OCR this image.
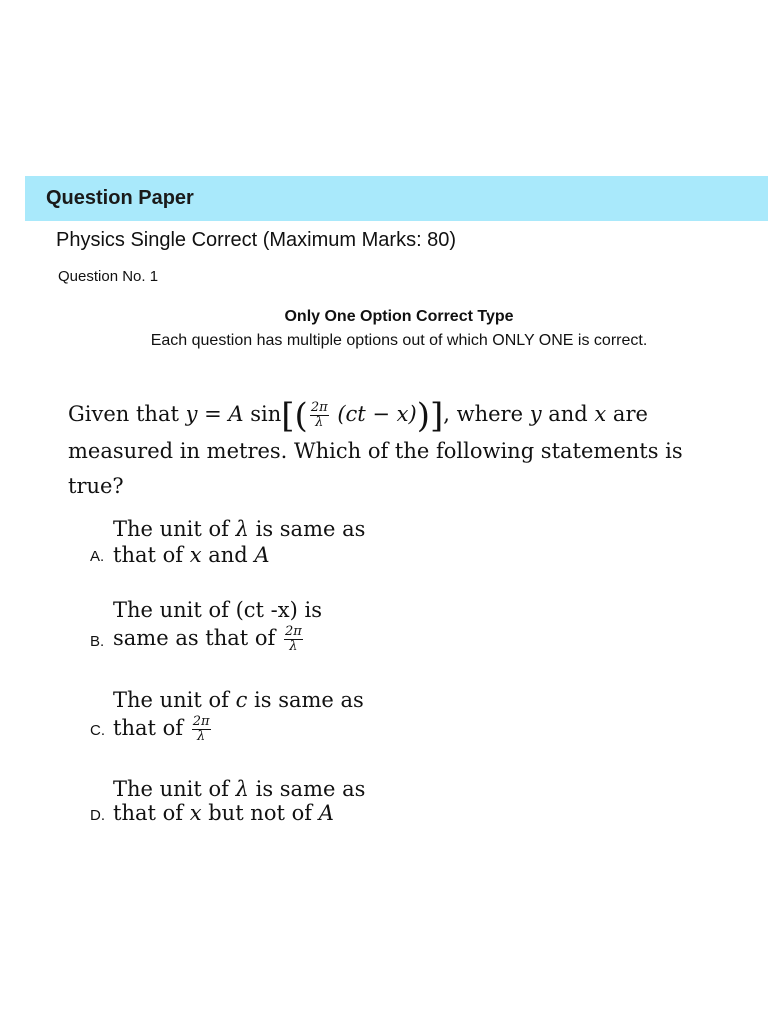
Question Paper
Physics Single Correct (Maximum Marks: 80)
Question No. 1
Only One Option Correct Type
Each question has multiple options out of which ONLY ONE is correct.
Given that y = A $\sin[( \frac{2\pi}{\lambda} (ct - x))]$, where y and x are
measured in metres. Which of the following statements is true?
The unit of λ is same as
A. that of x and A
The unit of (ct -x) is
B. same as that of $\frac{2\pi}{\lambda}$
The unit of c is same as
C. that of $\frac{2\pi}{\lambda}$
The unit of λ is same as
D. that of x but not of A
